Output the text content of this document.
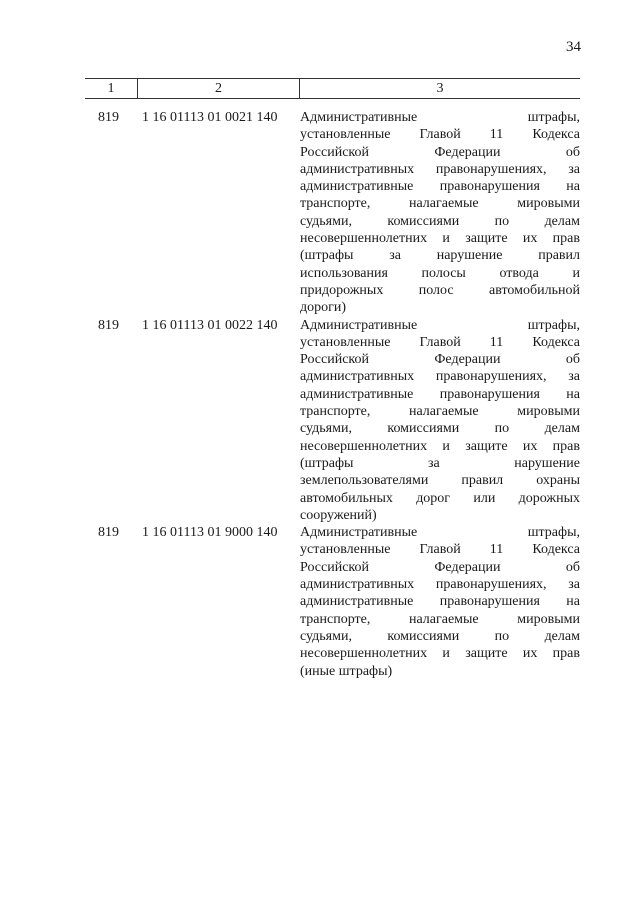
34
1	2	3
819	1 16 01113 01 0021 140	Административные	штрафы,
установленные Главой 11 Кодекса
Российской	Федерации	об
административных правонарушениях, за
административные правонарушения на
транспорте,	налагаемые	мировыми
судьями,	комиссиями	по	делам
несовершеннолетних и защите их прав
(штрафы	за	нарушение	правил
использования полосы отвода и
придорожных	полос	автомобильной
дороги)
819	1 16 01113 01 0022 140	Административные	штрафы,
установленные Главой 11 Кодекса
Российской	Федерации	об
административных правонарушениях, за
административные правонарушения на
транспорте,	налагаемые	мировыми
судьями,	комиссиями	по	делам
несовершеннолетних и защите их прав
(штрафы	за	нарушение
землепользователями правил охраны
автомобильных дорог или дорожных
сооружений)
819	1 16 01113 01 9000 140	Административные	штрафы,
установленные Главой 11 Кодекса
Российской	Федерации	об
административных правонарушениях, за
административные правонарушения на
транспорте,	налагаемые	мировыми
судьями,	комиссиями	по	делам
несовершеннолетних и защите их прав
(иные штрафы)
